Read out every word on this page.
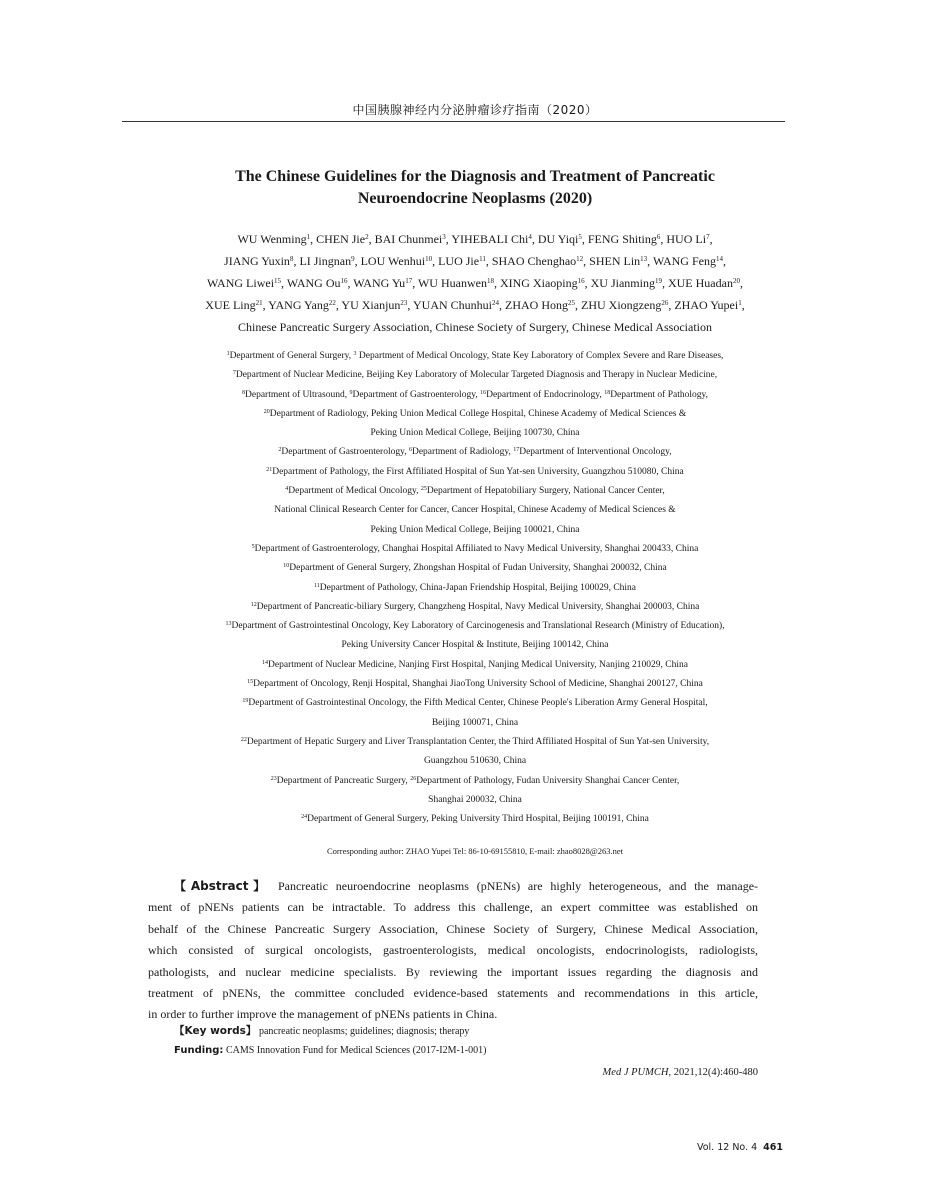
中国胰腺神经内分泌肿瘤诊疗指南（2020）
The Chinese Guidelines for the Diagnosis and Treatment of Pancreatic
Neuroendocrine Neoplasms (2020)
WU Wenming$^1$, CHEN Jie$^2$, BAI Chunmei$^3$, YIHEBALI Chi$^4$, DU Yiqi$^5$, FENG Shiting$^6$, HUO Li$^7$,
JIANG Yuxin$^8$, LI Jingnan$^9$, LOU Wenhui$^{10}$, LUO Jie$^{11}$, SHAO Chenghao$^{12}$, SHEN Lin$^{13}$, WANG Feng$^{14}$,
WANG Liwei$^{15}$, WANG Ou$^{16}$, WANG Yu$^{17}$, WU Huanwen$^{18}$, XING Xiaoping$^{16}$, XU Jianming$^{19}$, XUE Huadan$^{20}$,
XUE Ling$^{21}$, YANG Yang$^{22}$, YU Xianjun$^{23}$, YUAN Chunhui$^{24}$, ZHAO Hong$^{25}$, ZHU Xiongzeng$^{26}$, ZHAO Yupei$^1$,
Chinese Pancreatic Surgery Association, Chinese Society of Surgery, Chinese Medical Association
$^1$Department of General Surgery, $^3$ Department of Medical Oncology, State Key Laboratory of Complex Severe and Rare Diseases,
$^7$Department of Nuclear Medicine, Beijing Key Laboratory of Molecular Targeted Diagnosis and Therapy in Nuclear Medicine,
$^8$Department of Ultrasound, $^9$Department of Gastroenterology, $^{16}$Department of Endocrinology, $^{18}$Department of Pathology,
$^{20}$Department of Radiology, Peking Union Medical College Hospital, Chinese Academy of Medical Sciences &
Peking Union Medical College, Beijing 100730, China
$^2$Department of Gastroenterology, $^6$Department of Radiology, $^{17}$Department of Interventional Oncology,
$^{21}$Department of Pathology, the First Affiliated Hospital of Sun Yat-sen University, Guangzhou 510080, China
$^4$Department of Medical Oncology, $^{25}$Department of Hepatobiliary Surgery, National Cancer Center,
National Clinical Research Center for Cancer, Cancer Hospital, Chinese Academy of Medical Sciences &
Peking Union Medical College, Beijing 100021, China
$^5$Department of Gastroenterology, Changhai Hospital Affiliated to Navy Medical University, Shanghai 200433, China
$^{10}$Department of General Surgery, Zhongshan Hospital of Fudan University, Shanghai 200032, China
$^{11}$Department of Pathology, China-Japan Friendship Hospital, Beijing 100029, China
$^{12}$Department of Pancreatic-biliary Surgery, Changzheng Hospital, Navy Medical University, Shanghai 200003, China
$^{13}$Department of Gastrointestinal Oncology, Key Laboratory of Carcinogenesis and Translational Research (Ministry of Education),
Peking University Cancer Hospital & Institute, Beijing 100142, China
$^{14}$Department of Nuclear Medicine, Nanjing First Hospital, Nanjing Medical University, Nanjing 210029, China
$^{15}$Department of Oncology, Renji Hospital, Shanghai JiaoTong University School of Medicine, Shanghai 200127, China
$^{19}$Department of Gastrointestinal Oncology, the Fifth Medical Center, Chinese People's Liberation Army General Hospital,
Beijing 100071, China
$^{22}$Department of Hepatic Surgery and Liver Transplantation Center, the Third Affiliated Hospital of Sun Yat-sen University,
Guangzhou 510630, China
$^{23}$Department of Pancreatic Surgery, $^{26}$Department of Pathology, Fudan University Shanghai Cancer Center,
Shanghai 200032, China
$^{24}$Department of General Surgery, Peking University Third Hospital, Beijing 100191, China
Corresponding author: ZHAO Yupei Tel: 86-10-69155810, E-mail: zhao8028@263.net
【Abstract】 Pancreatic neuroendocrine neoplasms (pNENs) are highly heterogeneous, and the manage-
ment of pNENs patients can be intractable. To address this challenge, an expert committee was established on
behalf of the Chinese Pancreatic Surgery Association, Chinese Society of Surgery, Chinese Medical Association,
which consisted of surgical oncologists, gastroenterologists, medical oncologists, endocrinologists, radiologists,
pathologists, and nuclear medicine specialists. By reviewing the important issues regarding the diagnosis and
treatment of pNENs, the committee concluded evidence-based statements and recommendations in this article,
in order to further improve the management of pNENs patients in China.
【Key words】 pancreatic neoplasms; guidelines; diagnosis; therapy
Funding: CAMS Innovation Fund for Medical Sciences (2017-I2M-1-001)
Med J PUMCH, 2021,12(4):460-480
Vol. 12 No. 4 461
